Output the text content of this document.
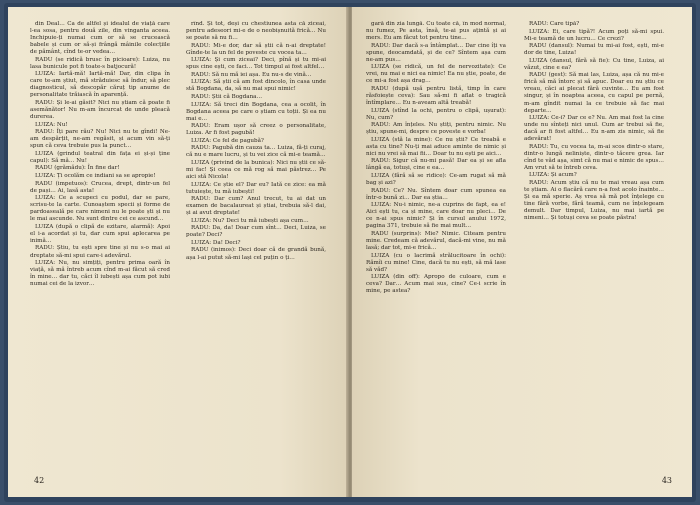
din Deal… Ca de altfel și idealul de viață care l-ea sosa, pentru două zile, din vinganta aceea. Inchipuie-ți numai cum or să se crucească babele și cum or să-și frângă mâinile colecțiile de pământ, cînd te-or vedea…

RADU (se ridică brusc în picioare): Luiza, nu lasa bunicule pot fi toate-s batjocură!

LUIZA: Iartă-mă! Iartă-mă! Dar, din clipa în care te-am știut, mă străduiesc să îndur, să plec diagnosticul, să descopăr căruț tip anume de personalitate trăiască în aparență.

RADU: Și le-ai găsit? Nici nu știam că poate fi asemănător! Nu m-am încurcat de unde pleacă durerea.

LUIZA: Nu!

RADU: Îți pare rău? Nu! Nici nu te gîndi! Ne-am despărțit, ne-am regăsit, și acum vin să-ți spun că ceva trebuie pus la punct…

LUIZA (grindul teatral din fața ei și-și ține capul): Să mă… Nu!

RADU (grămădu): În fine dar!

LUIZA: Ți ocolăm ce indiani sa se apropie!

RADU (impetuos): Crucea, drept, dintr-un fel de pași… Ai, lasă asta!

LUIZA: Ce a scupeci cu podul, dar se pare, scrisu-te la carte. Cunoaștem specii și forme de pardoaseală pe care nimeni nu le poate ști și nu le mai ascunde. Nu sunt dintre cei ce ascund…

LUIZA (după o clipă de ezitare, alarmă): Apoi el i-a acordat și tu, dar cum spui aplecarea pe inimă…

RADU: Știu, tu ești spre tine și nu s-o mai ai dreptate să-mi spui care-i adevărul.

LUIZA: Nu, nu simțiți, pentru prima oară în viață, să mă întreb acum cînd m-ai făcut să cred în mine… dar tu, căci îl iubești așa cum pot iubi numai cei de la izvor…

rînd. Și tot, deși cu chestiunea asta că ziceai, pentru adeseori mi-e de o neobișnuită frică… Nu se poate să nu fi…

RADU: Mi-e dor, dar să știi că n-ai dreptate! Gînde-te la un fel de poveste cu vocea ta…

LUIZA: Și cum ziceai? Deci, pînă și tu mi-ai spus cine ești, ce faci… Tot timpul ai fost altfel…

RADU: Să nu mă iei așa. Eu nu-s de vină…

LUIZA: Să știi că am fost dincolo, în casa unde stă Bogdana, da, să nu mai spui nimic!

RADU: Știi că Bogdana…

LUIZA: Să treci din Bogdana, cea a ocolit, în Bogdana aceea pe care o știam cu toții. Și ea nu mai e…

RADU: Eram ușor să creez o personalitate, Luiza. Ar fi fost pagubă!

LUIZA: Ce fel de pagubă?

RADU: Pagubă din cauza ta… Luiza, fă-ți curaj, că nu e mare lucru, și tu vei zice că mi-e teamă…

LUIZA (privind de la bunica): Nici nu știi ce să-mi fac! Și ceea ce mă rog să mai păstrez… Pe aici stă Nicola!

LUIZA: Ce știe el? Dar eu? Iată ce zice: ea mă tutuiește, tu mă iubești!

RADU: Dar cum? Anul trecut, tu ai dat un examen de bacalaureat și știai, trebuia să-l dai, și ai avut dreptate!

LUIZA: Nu? Deci tu mă iubești așa cum…

RADU: Da, da! Doar cum sînt… Deci, Luiza, se poate? Deci?

LUIZA: Da! Deci?

RADU (inimos): Deci doar că de grandă bună, așa l-ai putut să-mi lași cel puțin o ți…

42

gară din zia lungă. Cu toate că, în mod normal, nu fumez, Pe asta, însă, te-ai pus ațintă și ai mers. Eu am făcut tot pentru tine…

RADU: Dar dacă s-a întâmplat… Dar cine îți va spune, deocamdată, și de ce? Sîntem așa cum ne-am pus…

LUIZA (se ridică, un fel de nervozitate): Ce vrei, nu mai e nici ea nimic! Ea nu știe, poate, de ce mi-a fost așa drag…

RADU (după ușă pentru listă, timp în care răsfoiește ceva): Sau să-mi fi aflat o tragică întîmplare… Eu n-aveam altă treabă!

LUIZA (stînd la ochi, pentru o clipă, ușurat): Nu, cum?

RADU: Am înțeles. Nu știți, pentru nimic. Nu știu, spune-mi, despre ce poveste e vorba!

LUIZA (stă la mine): Ce nu știi? Ce treabă e asta cu tine? Nu-ți mai aduce aminte de nimic și nici nu vrei să mai fii… Doar tu nu ești pe aici…

RADU: Sigur că nu-mi pasă! Dar ea și se afla lângă ea, totuși, cine e ea…

LUIZA (fără să se ridice): Ce-am rugat să mă bag și azi?

RADU: Ce? Nu. Sîntem doar cum spunea ea într-o bună zi… Dar ea știa…

LUIZA: Nu-i nimic, ne-a cuprins de fapt, ea e! Aici ești tu, ca și mine, care doar nu pleci… De ce n-ai spus nimic? Și în cursul anului 1972, pagina 371, trebuie să fie mai mult…

RADU (surprins): Mie? Nimic. Citeam pentru mine. Credeam că adevărul, dacă-mi vine, nu mă lasă; dar tot, mi-e frică…

LUIZA (cu o lacrimă strălucitoare în ochi): Rămîi cu mine! Cine, dacă tu nu ești, să mă lase să văd?

LUIZA (din off): Apropo de culoare, cum e ceva? Dar… Acum mai sus, cine? Ce-i scrie în mine, pe astea?

RADU: Care tipă?

LUIZA: Ei, care tipă?! Acum poți să-mi spui. Mi-e teamă de un lucru… Ce crezi?

RADU (dansul): Numai tu mi-ai fost, ești, mi-e dor de tine, Luiza!

LUIZA (dansul, fără să fie): Cu tine, Luiza, ai văzut, cine e ea?

RADU (gest): Să mai las, Luiza, așa că nu mi-e frică să mă întorc și să apuc. Doar eu nu știu ce vreau, căci ai plecat fără cuvinte… Eu am fost singur, și în noaptea aceea, cu capul pe pernă, m-am gîndit numai la ce trebuie să fac mai departe…

LUIZA: Ce-i? Dar ce e? Nu. Am mai fost la cine unde nu sînteți nici unul. Cum ar trebui să fie, dacă ar fi fost altfel… Eu n-am zis nimic, să fie adevărat!

RADU: Tu, cu vocea ta, m-ai scos dintr-o stare, dintr-o lungă neliniște, dintr-o tăcere grea. Iar cînd te văd așa, simt că nu mai e nimic de spus… Am vrut să te întreb ceva.

LUIZA: Și acum?

RADU: Acum știu că nu te mai vreau așa cum te știam. Ai o flacără care n-a fost acolo înainte… Și ea mă sperie. Aș vrea să mă pot înțelege cu tine fără vorbe, fără teamă, cum ne înțelegeam demult. Dar timpul, Luiza, nu mai iartă pe nimeni… Și totuși ceva se poate păstra!

43
